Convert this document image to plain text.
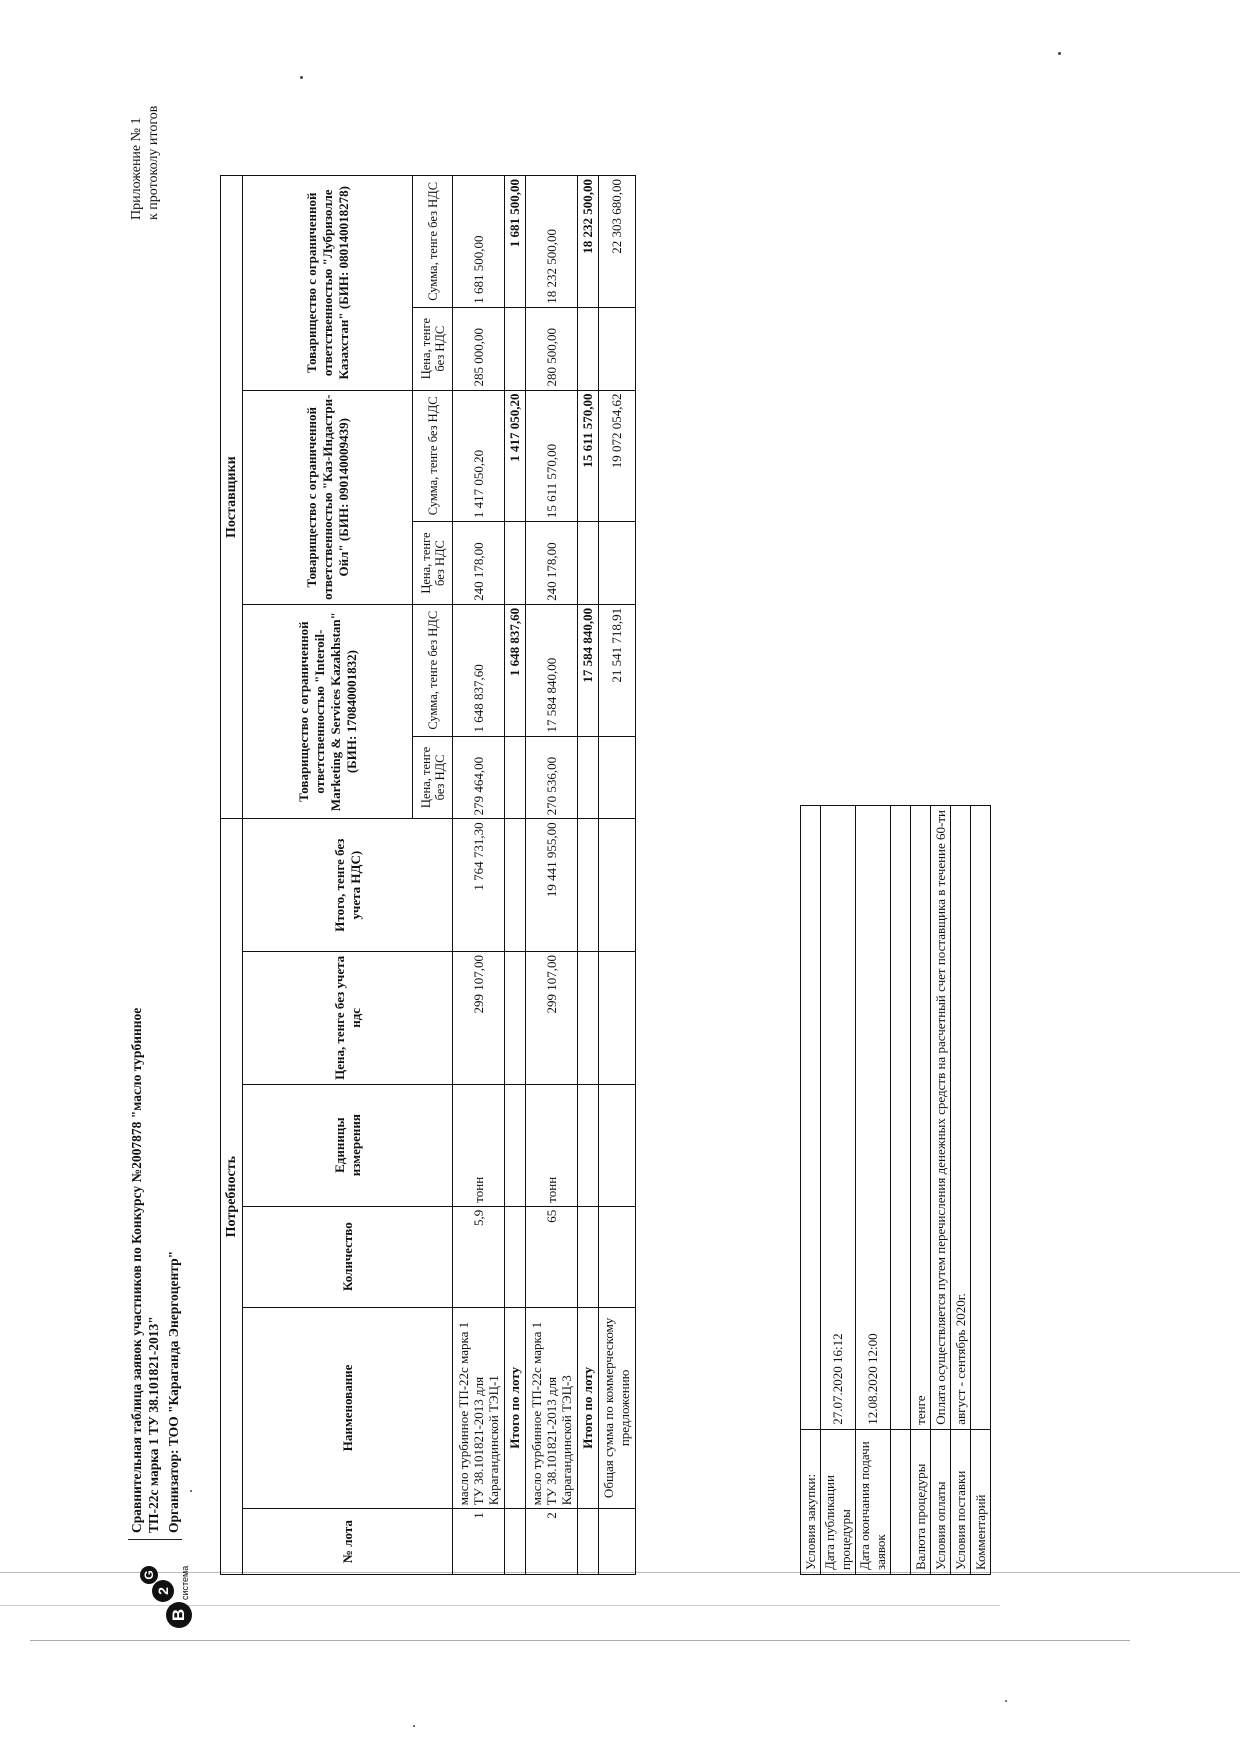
B
2
G	система
Сравнительная таблица заявок участников по Конкурсу №2007878 "масло турбинное ТП-22с марка 1 ТУ 38.101821-2013" Организатор: ТОО "Караганда Энергоцентр"
Приложение № 1 к протоколу итогов
Потребность						Поставщики					
№ лота	Наименование	Количество	Единицы измерения	Цена, тенге без учета ндс	Итого, тенге без учета НДС)	Товарищество с ограниченной ответственностью "Interoil-Marketing & Services Kazakhstan" (БИН: 170840001832)		Товарищество с ограниченной ответственностью "Каз-Индастри-Ойл" (БИН: 090140009439)		Товарищество с ограниченной ответственностью "Лубризолле Казахстан" (БИН: 080140018278)	
						Цена, тенге без НДС	Сумма, тенге без НДС	Цена, тенге без НДС	Сумма, тенге без НДС	Цена, тенге без НДС	Сумма, тенге без НДС
1	масло турбинное ТП-22с марка 1 ТУ 38.101821-2013 для Карагандинской ТЭЦ-1	5,9	тонн	299 107,00	1 764 731,30	279 464,00	1 648 837,60	240 178,00	1 417 050,20	285 000,00	1 681 500,00
	Итого по лоту						1 648 837,60		1 417 050,20		1 681 500,00
2	масло турбинное ТП-22с марка 1 ТУ 38.101821-2013 для Карагандинской ТЭЦ-3	65	тонн	299 107,00	19 441 955,00	270 536,00	17 584 840,00	240 178,00	15 611 570,00	280 500,00	18 232 500,00
	Итого по лоту						17 584 840,00		15 611 570,00		18 232 500,00
	Общая сумма по коммерческому предложению						21 541 718,91		19 072 054,62		22 303 680,00
Условия закупки:	
Дата публикации процедуры	27.07.2020 16:12
Дата окончания подачи заявок	12.08.2020 12:00

Валюта процедуры	тенге
Условия оплаты	Оплата осуществляется путем перечисления денежных средств на расчетный счет поставщика в течение 60-ти
Условия поставки	август - сентябрь 2020г.
Комментарий	
